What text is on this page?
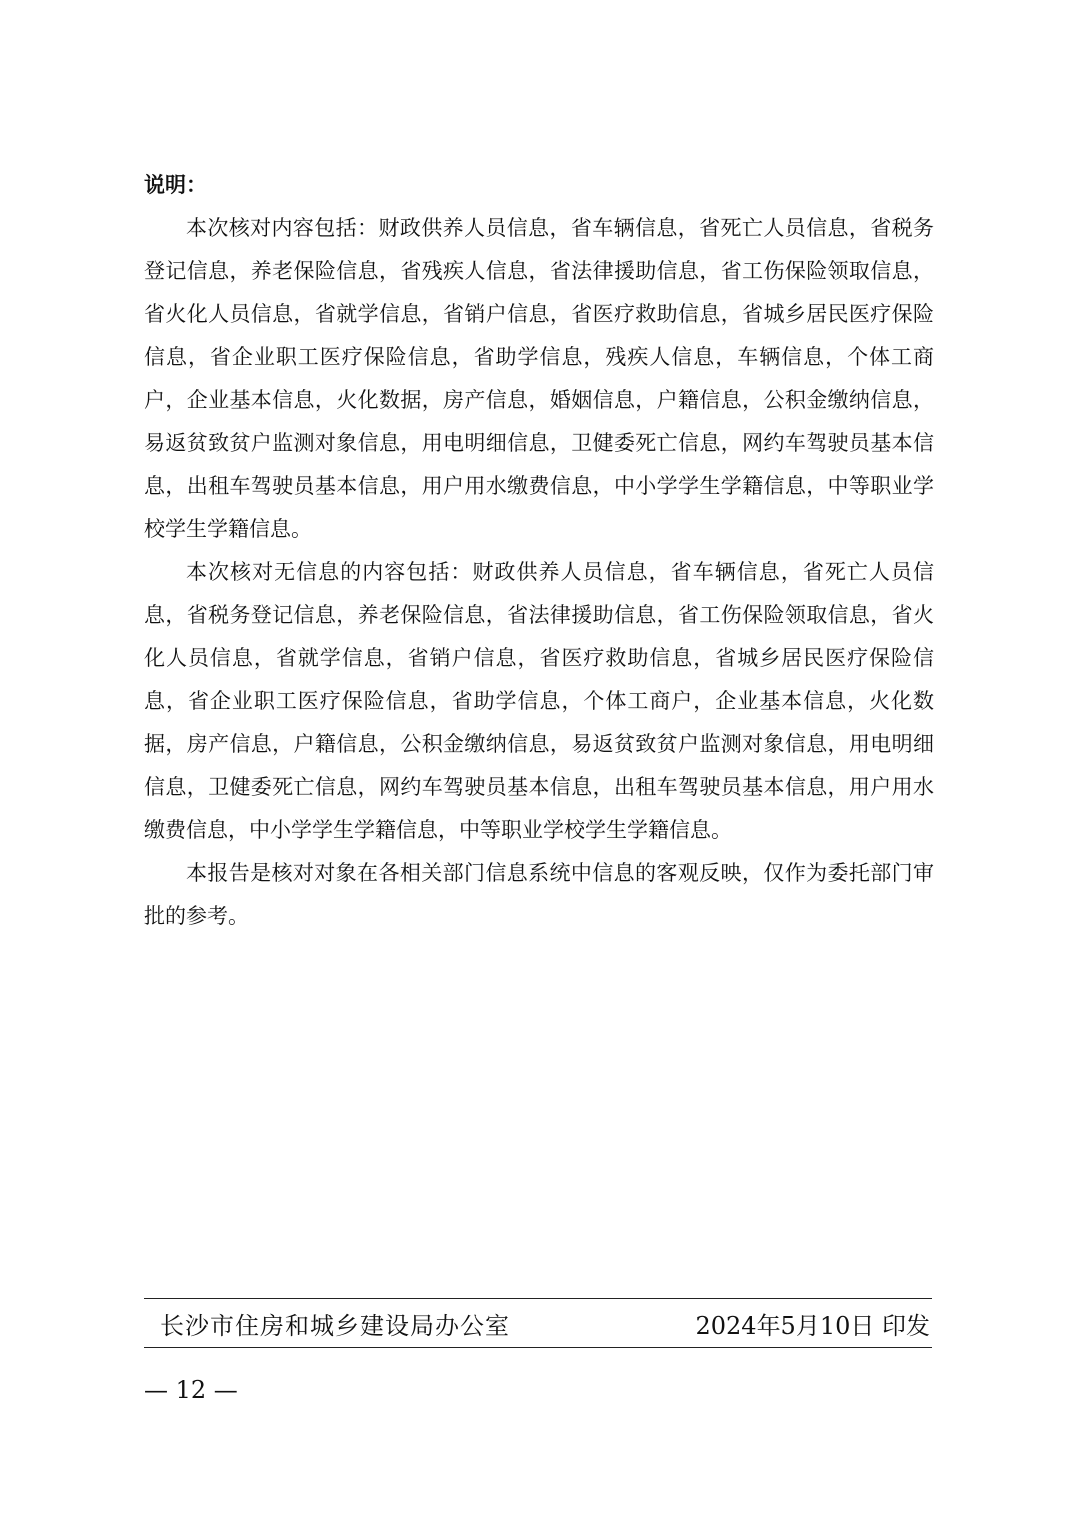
说明：

本次核对内容包括：财政供养人员信息，省车辆信息，省死亡人员信息，省税务登记信息，养老保险信息，省残疾人信息，省法律援助信息，省工伤保险领取信息，省火化人员信息，省就学信息，省销户信息，省医疗救助信息，省城乡居民医疗保险信息，省企业职工医疗保险信息，省助学信息，残疾人信息，车辆信息，个体工商户，企业基本信息，火化数据，房产信息，婚姻信息，户籍信息，公积金缴纳信息，易返贫致贫户监测对象信息，用电明细信息，卫健委死亡信息，网约车驾驶员基本信息，出租车驾驶员基本信息，用户用水缴费信息，中小学学生学籍信息，中等职业学校学生学籍信息。

本次核对无信息的内容包括：财政供养人员信息，省车辆信息，省死亡人员信息，省税务登记信息，养老保险信息，省法律援助信息，省工伤保险领取信息，省火化人员信息，省就学信息，省销户信息，省医疗救助信息，省城乡居民医疗保险信息，省企业职工医疗保险信息，省助学信息，个体工商户，企业基本信息，火化数据，房产信息，户籍信息，公积金缴纳信息，易返贫致贫户监测对象信息，用电明细信息，卫健委死亡信息，网约车驾驶员基本信息，出租车驾驶员基本信息，用户用水缴费信息，中小学学生学籍信息，中等职业学校学生学籍信息。

本报告是核对对象在各相关部门信息系统中信息的客观反映，仅作为委托部门审批的参考。

长沙市住房和城乡建设局办公室	2024年5月10日 印发
— 12 —
